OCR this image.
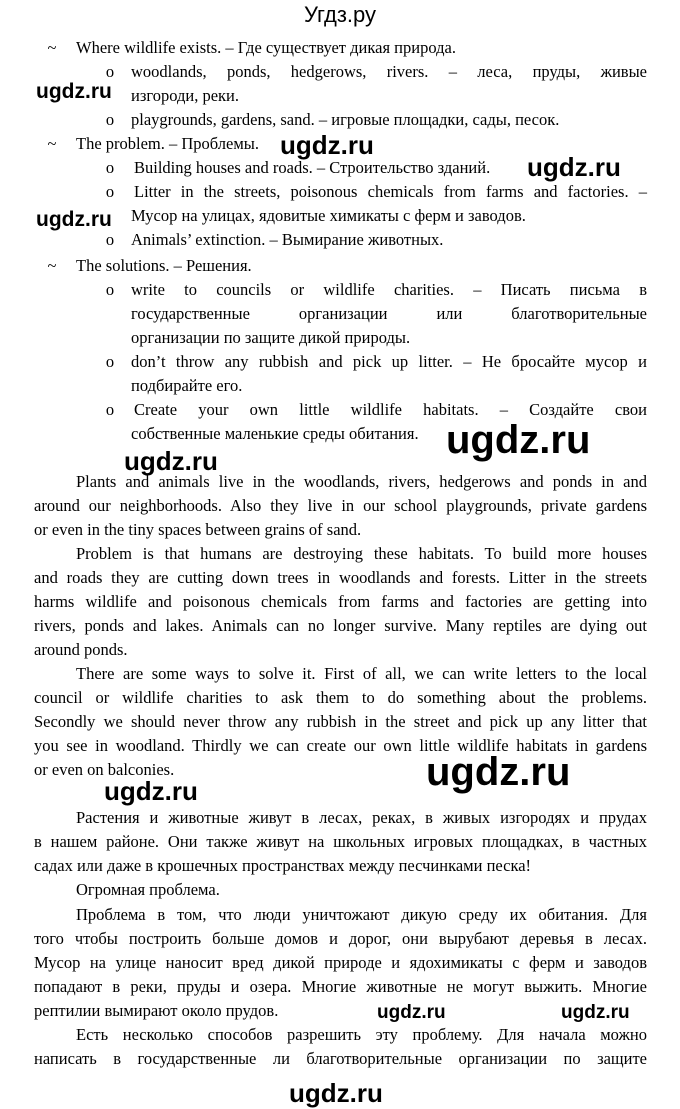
Угдз.ру
~ Where wildlife exists. – Где существует дикая природа.
o woodlands, ponds, hedgerows, rivers. – леса, пруды, живые
изгороди, реки.
o playgrounds, gardens, sand. – игровые площадки, сады, песок.
~ The problem. – Проблемы.
o Building houses and roads. – Строительство зданий.
o Litter in the streets, poisonous chemicals from farms and factories. –
Мусор на улицах, ядовитые химикаты с ферм и заводов.
o Animals’ extinction. – Вымирание животных.
~ The solutions. – Решения.
o write to councils or wildlife charities. – Писать письма в
государственные организации или благотворительные
организации по защите дикой природы.
o don’t throw any rubbish and pick up litter. – Не бросайте мусор и
подбирайте его.
o Create your own little wildlife habitats. – Создайте свои
собственные маленькие среды обитания.
Plants and animals live in the woodlands, rivers, hedgerows and ponds in and
around our neighborhoods. Also they live in our school playgrounds, private gardens
or even in the tiny spaces between grains of sand.
Problem is that humans are destroying these habitats. To build more houses
and roads they are cutting down trees in woodlands and forests. Litter in the streets
harms wildlife and poisonous chemicals from farms and factories are getting into
rivers, ponds and lakes. Animals can no longer survive. Many reptiles are dying out
around ponds.
There are some ways to solve it. First of all, we can write letters to the local
council or wildlife charities to ask them to do something about the problems.
Secondly we should never throw any rubbish in the street and pick up any litter that
you see in woodland. Thirdly we can create our own little wildlife habitats in gardens
or even on balconies.
Растения и животные живут в лесах, реках, в живых изгородях и прудах
в нашем районе. Они также живут на школьных игровых площадках, в частных
садах или даже в крошечных пространствах между песчинками песка!
Огромная проблема.
Проблема в том, что люди уничтожают дикую среду их обитания. Для
того чтобы построить больше домов и дорог, они вырубают деревья в лесах.
Мусор на улице наносит вред дикой природе и ядохимикаты с ферм и заводов
попадают в реки, пруды и озера. Многие животные не могут выжить. Многие
рептилии вымирают около прудов.
Есть несколько способов разрешить эту проблему. Для начала можно
написать в государственные ли благотворительные организации по защите
ugdz.ru
ugdz.ru
ugdz.ru
ugdz.ru
ugdz.ru
ugdz.ru
ugdz.ru
ugdz.ru
ugdz.ru	ugdz.ru
ugdz.ru
